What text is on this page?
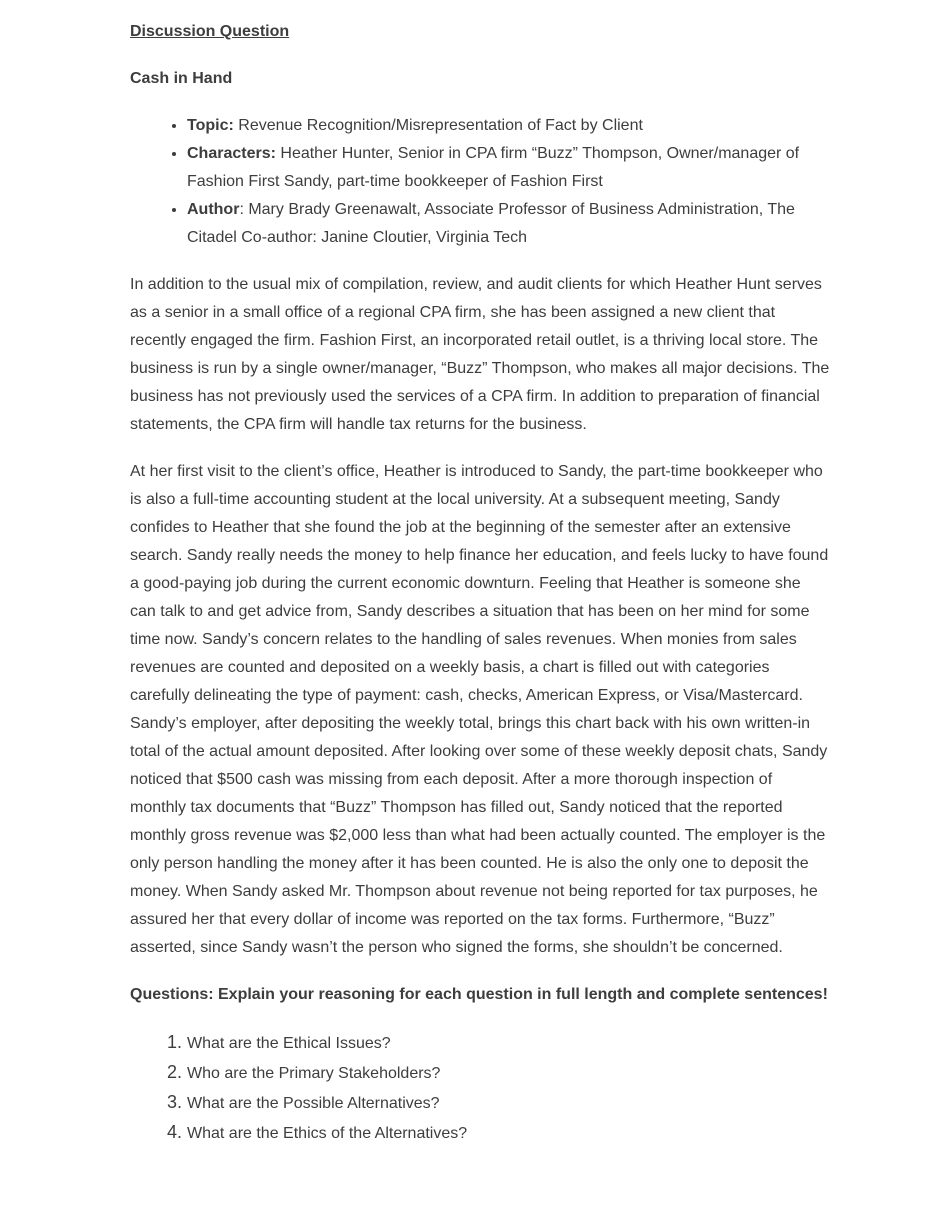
Discussion Question
Cash in Hand
• Topic: Revenue Recognition/Misrepresentation of Fact by Client
• Characters: Heather Hunter, Senior in CPA firm “Buzz” Thompson, Owner/manager of Fashion First Sandy, part-time bookkeeper of Fashion First
• Author: Mary Brady Greenawalt, Associate Professor of Business Administration, The Citadel Co-author: Janine Cloutier, Virginia Tech

In addition to the usual mix of compilation, review, and audit clients for which Heather Hunt serves as a senior in a small office of a regional CPA firm, she has been assigned a new client that recently engaged the firm. Fashion First, an incorporated retail outlet, is a thriving local store. The business is run by a single owner/manager, “Buzz” Thompson, who makes all major decisions. The business has not previously used the services of a CPA firm. In addition to preparation of financial statements, the CPA firm will handle tax returns for the business.

At her first visit to the client’s office, Heather is introduced to Sandy, the part-time bookkeeper who is also a full-time accounting student at the local university. At a subsequent meeting, Sandy confides to Heather that she found the job at the beginning of the semester after an extensive search. Sandy really needs the money to help finance her education, and feels lucky to have found a good-paying job during the current economic downturn. Feeling that Heather is someone she can talk to and get advice from, Sandy describes a situation that has been on her mind for some time now. Sandy’s concern relates to the handling of sales revenues. When monies from sales revenues are counted and deposited on a weekly basis, a chart is filled out with categories carefully delineating the type of payment: cash, checks, American Express, or Visa/Mastercard. Sandy’s employer, after depositing the weekly total, brings this chart back with his own written-in total of the actual amount deposited. After looking over some of these weekly deposit chats, Sandy noticed that $500 cash was missing from each deposit. After a more thorough inspection of monthly tax documents that “Buzz” Thompson has filled out, Sandy noticed that the reported monthly gross revenue was $2,000 less than what had been actually counted. The employer is the only person handling the money after it has been counted. He is also the only one to deposit the money. When Sandy asked Mr. Thompson about revenue not being reported for tax purposes, he assured her that every dollar of income was reported on the tax forms. Furthermore, “Buzz” asserted, since Sandy wasn’t the person who signed the forms, she shouldn’t be concerned.

Questions: Explain your reasoning for each question in full length and complete sentences!
1. What are the Ethical Issues?
2. Who are the Primary Stakeholders?
3. What are the Possible Alternatives?
4. What are the Ethics of the Alternatives?
